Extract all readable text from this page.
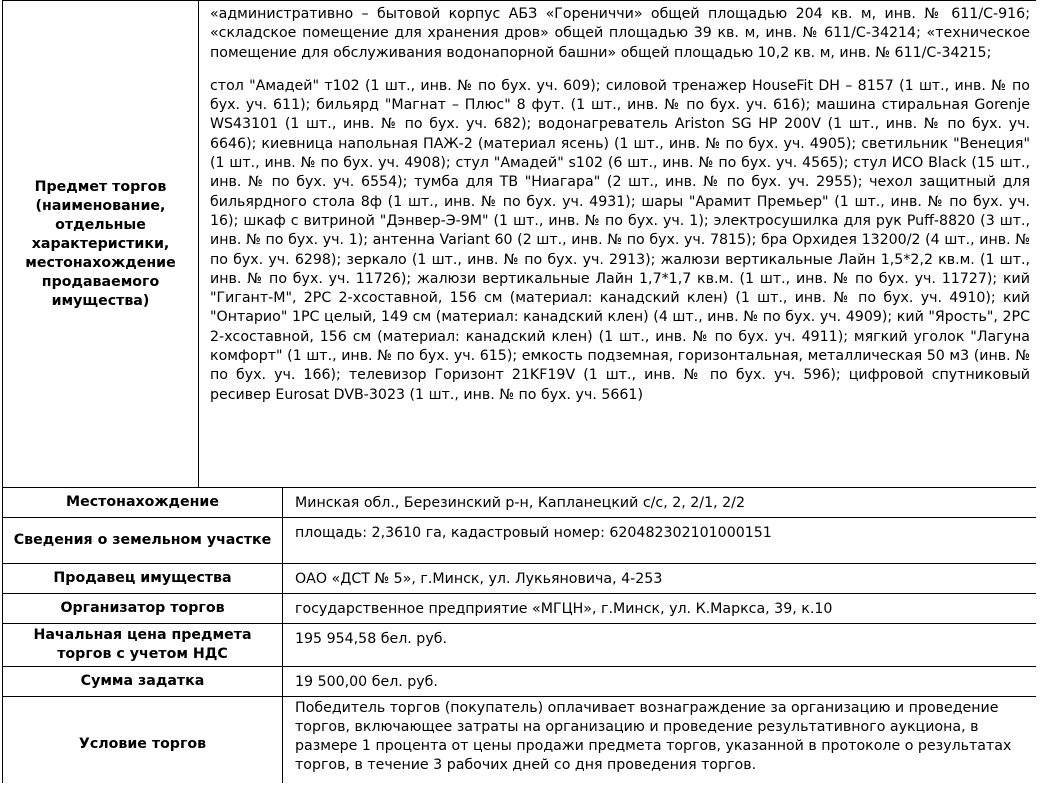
Предмет торгов (наименование, отдельные характеристики, местонахождение продаваемого имущества)	«административно – бытовой корпус АБЗ «Горениччи» общей площадью 204 кв. м, инв. № 611/С-916; «складское помещение для хранения дров» общей площадью 39 кв. м, инв. № 611/С-34214; «техническое помещение для обслуживания водонапорной башни» общей площадью 10,2 кв. м, инв. № 611/С-34215;

стол "Амадей" т102 (1 шт., инв. № по бух. уч. 609); силовой тренажер HouseFit DH – 8157 (1 шт., инв. № по бух. уч. 611); бильярд "Магнат – Плюс" 8 фут. (1 шт., инв. № по бух. уч. 616); машина стиральная Gorenje WS43101 (1 шт., инв. № по бух. уч. 682); водонагреватель Ariston SG HP 200V (1 шт., инв. № по бух. уч. 6646); киевница напольная ПАЖ-2 (материал ясень) (1 шт., инв. № по бух. уч. 4905); светильник "Венеция" (1 шт., инв. № по бух. уч. 4908); стул "Амадей" s102 (6 шт., инв. № по бух. уч. 4565); стул ИСО Black (15 шт., инв. № по бух. уч. 6554); тумба для ТВ "Ниагара" (2 шт., инв. № по бух. уч. 2955); чехол защитный для бильярдного стола 8ф (1 шт., инв. № по бух. уч. 4931); шары "Арамит Премьер" (1 шт., инв. № по бух. уч. 16); шкаф с витриной "Дэнвер-Э-9М" (1 шт., инв. № по бух. уч. 1); электросушилка для рук Puff-8820 (3 шт., инв. № по бух. уч. 1); антенна Variant 60 (2 шт., инв. № по бух. уч. 7815); бра Орхидея 13200/2 (4 шт., инв. № по бух. уч. 6298); зеркало (1 шт., инв. № по бух. уч. 2913); жалюзи вертикальные Лайн 1,5*2,2 кв.м. (1 шт., инв. № по бух. уч. 11726); жалюзи вертикальные Лайн 1,7*1,7 кв.м. (1 шт., инв. № по бух. уч. 11727); кий "Гигант-М", 2РС 2-хсоставной, 156 см (материал: канадский клен) (1 шт., инв. № по бух. уч. 4910); кий "Онтарио" 1РС целый, 149 см (материал: канадский клен) (4 шт., инв. № по бух. уч. 4909); кий "Ярость", 2РС 2-хсоставной, 156 см (материал: канадский клен) (1 шт., инв. № по бух. уч. 4911); мягкий уголок "Лагуна комфорт" (1 шт., инв. № по бух. уч. 615); емкость подземная, горизонтальная, металлическая 50 м3 (инв. № по бух. уч. 166); телевизор Горизонт 21KF19V (1 шт., инв. № по бух. уч. 596); цифровой спутниковый ресивер Eurosat DVB-3023 (1 шт., инв. № по бух. уч. 5661)	

Местонахождение		Минская обл., Березинский р-н, Капланецкий с/с, 2, 2/1, 2/2
Сведения о земельном участке		площадь: 2,3610 га, кадастровый номер: 620482302101000151
Продавец имущества		ОАО «ДСТ № 5», г.Минск, ул. Лукьяновича, 4-253
Организатор торгов		государственное предприятие «МГЦН», г.Минск, ул. К.Маркса, 39, к.10
Начальная цена предмета торгов с учетом НДС		195 954,58 бел. руб.
Сумма задатка		19 500,00 бел. руб.
Условие торгов		Победитель торгов (покупатель) оплачивает вознаграждение за организацию и проведение торгов, включающее затраты на организацию и проведение результативного аукциона, в размере 1 процента от цены продажи предмета торгов, указанной в протоколе о результатах торгов, в течение 3 рабочих дней со дня проведения торгов.
